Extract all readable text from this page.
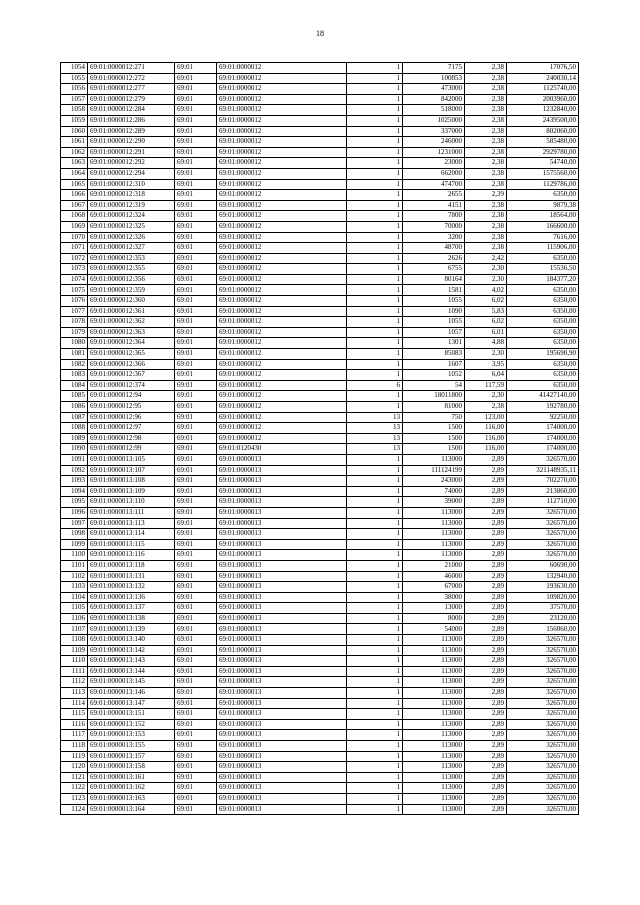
18
1054	69:01:0000012:271	69:01	69:01:0000012	1	7175	2,38	17076,50
1055	69:01:0000012:272	69:01	69:01:0000012	1	100853	2,38	240030,14
1056	69:01:0000012:277	69:01	69:01:0000012	1	473000	2,38	1125740,00
1057	69:01:0000012:279	69:01	69:01:0000012	1	842000	2,38	2003960,00
1058	69:01:0000012:284	69:01	69:01:0000012	1	518000	2,38	1232840,00
1059	69:01:0000012:286	69:01	69:01:0000012	1	1025000	2,38	2439500,00
1060	69:01:0000012:289	69:01	69:01:0000012	1	337000	2,38	802060,00
1061	69:01:0000012:290	69:01	69:01:0000012	1	246000	2,38	585480,00
1062	69:01:0000012:291	69:01	69:01:0000012	1	1231000	2,38	2929780,00
1063	69:01:0000012:292	69:01	69:01:0000012	1	23000	2,38	54740,00
1064	69:01:0000012:294	69:01	69:01:0000012	1	662000	2,38	1575560,00
1065	69:01:0000012:310	69:01	69:01:0000012	1	474700	2,38	1129786,00
1066	69:01:0000012:318	69:01	69:01:0000012	1	2655	2,39	6350,00
1067	69:01:0000012:319	69:01	69:01:0000012	1	4151	2,38	9879,38
1068	69:01:0000012:324	69:01	69:01:0000012	1	7800	2,38	18564,00
1069	69:01:0000012:325	69:01	69:01:0000012	1	70000	2,38	166600,00
1070	69:01:0000012:326	69:01	69:01:0000012	1	3200	2,38	7616,00
1071	69:01:0000012:327	69:01	69:01:0000012	1	48700	2,38	115906,00
1072	69:01:0000012:353	69:01	69:01:0000012	1	2626	2,42	6350,00
1073	69:01:0000012:355	69:01	69:01:0000012	1	6755	2,30	15536,50
1074	69:01:0000012:356	69:01	69:01:0000012	1	80164	2,30	184377,20
1075	69:01:0000012:359	69:01	69:01:0000012	1	1581	4,02	6350,00
1076	69:01:0000012:360	69:01	69:01:0000012	1	1055	6,02	6350,00
1077	69:01:0000012:361	69:01	69:01:0000012	1	1090	5,83	6350,00
1078	69:01:0000012:362	69:01	69:01:0000012	1	1055	6,02	6350,00
1079	69:01:0000012:363	69:01	69:01:0000012	1	1057	6,01	6350,00
1080	69:01:0000012:364	69:01	69:01:0000012	1	1301	4,88	6350,00
1081	69:01:0000012:365	69:01	69:01:0000012	1	85083	2,30	195690,90
1082	69:01:0000012:366	69:01	69:01:0000012	1	1607	3,95	6350,00
1083	69:01:0000012:367	69:01	69:01:0000012	1	1052	6,04	6350,00
1084	69:01:0000012:374	69:01	69:01:0000012	6	54	117,59	6350,00
1085	69:01:0000012:94	69:01	69:01:0000012	1	18011800	2,30	41427140,00
1086	69:01:0000012:95	69:01	69:01:0000012	1	81000	2,38	192780,00
1087	69:01:0000012:96	69:01	69:01:0000012	13	750	123,00	92250,00
1088	69:01:0000012:97	69:01	69:01:0000012	13	1500	116,00	174000,00
1089	69:01:0000012:98	69:01	69:01:0000012	13	1500	116,00	174000,00
1090	69:01:0000012:99	69:01	69:01:0120430	13	1500	116,00	174000,00
1091	69:01:0000013:105	69:01	69:01:0000013	1	113000	2,89	326570,00
1092	69:01:0000013:107	69:01	69:01:0000013	1	111124199	2,89	321148935,11
1093	69:01:0000013:108	69:01	69:01:0000013	1	243000	2,89	702270,00
1094	69:01:0000013:109	69:01	69:01:0000013	1	74000	2,89	213860,00
1095	69:01:0000013:110	69:01	69:01:0000013	1	39000	2,89	112710,00
1096	69:01:0000013:111	69:01	69:01:0000013	1	113000	2,89	326570,00
1097	69:01:0000013:113	69:01	69:01:0000013	1	113000	2,89	326570,00
1098	69:01:0000013:114	69:01	69:01:0000013	1	113000	2,89	326570,00
1099	69:01:0000013:115	69:01	69:01:0000013	1	113000	2,89	326570,00
1100	69:01:0000013:116	69:01	69:01:0000013	1	113000	2,89	326570,00
1101	69:01:0000013:118	69:01	69:01:0000013	1	21000	2,89	60690,00
1102	69:01:0000013:131	69:01	69:01:0000013	1	46000	2,89	132940,00
1103	69:01:0000013:132	69:01	69:01:0000013	1	67000	2,89	193630,00
1104	69:01:0000013:136	69:01	69:01:0000013	1	38000	2,89	109820,00
1105	69:01:0000013:137	69:01	69:01:0000013	1	13000	2,89	37570,00
1106	69:01:0000013:138	69:01	69:01:0000013	1	8000	2,89	23120,00
1107	69:01:0000013:139	69:01	69:01:0000013	1	54000	2,89	156060,00
1108	69:01:0000013:140	69:01	69:01:0000013	1	113000	2,89	326570,00
1109	69:01:0000013:142	69:01	69:01:0000013	1	113000	2,89	326570,00
1110	69:01:0000013:143	69:01	69:01:0000013	1	113000	2,89	326570,00
1111	69:01:0000013:144	69:01	69:01:0000013	1	113000	2,89	326570,00
1112	69:01:0000013:145	69:01	69:01:0000013	1	113000	2,89	326570,00
1113	69:01:0000013:146	69:01	69:01:0000013	1	113000	2,89	326570,00
1114	69:01:0000013:147	69:01	69:01:0000013	1	113000	2,89	326570,00
1115	69:01:0000013:151	69:01	69:01:0000013	1	113000	2,89	326570,00
1116	69:01:0000013:152	69:01	69:01:0000013	1	113000	2,89	326570,00
1117	69:01:0000013:153	69:01	69:01:0000013	1	113000	2,89	326570,00
1118	69:01:0000013:155	69:01	69:01:0000013	1	113000	2,89	326570,00
1119	69:01:0000013:157	69:01	69:01:0000013	1	113000	2,89	326570,00
1120	69:01:0000013:158	69:01	69:01:0000013	1	113000	2,89	326570,00
1121	69:01:0000013:161	69:01	69:01:0000013	1	113000	2,89	326570,00
1122	69:01:0000013:162	69:01	69:01:0000013	1	113000	2,89	326570,00
1123	69:01:0000013:163	69:01	69:01:0000013	1	113000	2,89	326570,00
1124	69:01:0000013:164	69:01	69:01:0000013	1	113000	2,89	326570,00
